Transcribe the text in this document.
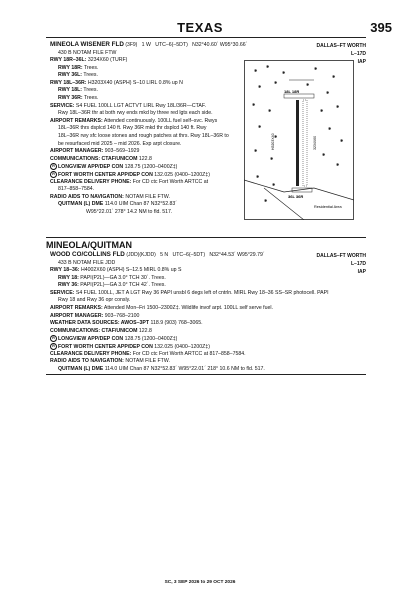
TEXAS	395
MINEOLA WISENER FLD (3F9) 1 W UTC–6(–5DT) N32°40.60´ W95°30.66´	DALLAS–FT WORTH
L–17D
IAP
430 B NOTAM FILE FTW
RWY 18R–36L: 3234X60 (TURF)
RWY 18R: Trees.
RWY 36L: Trees.
RWY 18L–36R: H3203X40 (ASPH) S–10 LIRL 0.8% up N
RWY 18L: Trees.
RWY 36R: Trees.
SERVICE: S4 FUEL 100LL LGT ACTVT LIRL Rwy 18L/36R—CTAF.
Rwy 18L–36R thr at both rwy ends mkd by three red lgts each side.
AIRPORT REMARKS: Attended continuously. 100LL fuel self–svc. Rwys
18L–36R thrs dsplcd 140 ft. Rwy 36R mkd thr dsplcd 140 ft. Rwy
18L–36R rwy sfc loose stones and rough patches at thrs. Rwy 18L–36R to
be resurfaced mid 2025 – mid 2026. Exp arpt closure.
AIRPORT MANAGER: 903–569–1929
COMMUNICATIONS: CTAF/UNICOM 122.8
R LONGVIEW APP/DEP CON 128.75 (1200–0400Z‡)
R FORT WORTH CENTER APP/DEP CON 132.025 (0400–1200Z‡)
CLEARANCE DELIVERY PHONE: For CD ctc Fort Worth ARTCC at
817–858–7584.
RADIO AIDS TO NAVIGATION: NOTAM FILE FTW.
QUITMAN (L) DME 114.0 UIM Chan 87 N32°52.83´
W95°22.01´ 278° 14.2 NM to fld. 517.
✱
✱
✱
✱
✱
✱
✱	✱
✱
✱
✱	✱
✱
✱
✱
✱
✱
✱
✱
✱
✱
✱
✱
✱
18L 18R
H3203X40	3234X60
36L 36R
Residential Area
MINEOLA/QUITMAN
WOOD CO/COLLINS FLD (JDD)(KJDD) 5 N UTC–6(–5DT) N32°44.53´ W95°29.79´	DALLAS–FT WORTH
L–17D
IAP
433 B NOTAM FILE JDD
RWY 18–36: H4002X60 (ASPH) S–12.5 MIRL 0.8% up S
RWY 18: PAPI(P2L)—GA 3.0° TCH 30´. Trees.
RWY 36: PAPI(P2L)—GA 3.0° TCH 42´. Trees.
SERVICE: S4 FUEL 100LL, JET A LGT Rwy 36 PAPI unsbl 6 degs left of cntrln. MIRL Rwy 18–36 SS–SR photocell. PAPI
Rwy 18 and Rwy 36 opr consly.
AIRPORT REMARKS: Attended Mon–Fri 1500–2300Z‡. Wildlife invof arpt. 100LL self serve fuel.
AIRPORT MANAGER: 903–768–2100
WEATHER DATA SOURCES: AWOS–3PT 118.9 (903) 768–3065.
COMMUNICATIONS: CTAF/UNICOM 122.8
R LONGVIEW APP/DEP CON 128.75 (1200–0400Z‡)
R FORT WORTH CENTER APP/DEP CON 132.025 (0400–1200Z‡)
CLEARANCE DELIVERY PHONE: For CD ctc Fort Worth ARTCC at 817–858–7584.
RADIO AIDS TO NAVIGATION: NOTAM FILE FTW.
QUITMAN (L) DME 114.0 UIM Chan 87 N32°52.83´ W95°22.01´ 218° 10.6 NM to fld. 517.
SC, 3 SEP 2026 to 29 OCT 2026
